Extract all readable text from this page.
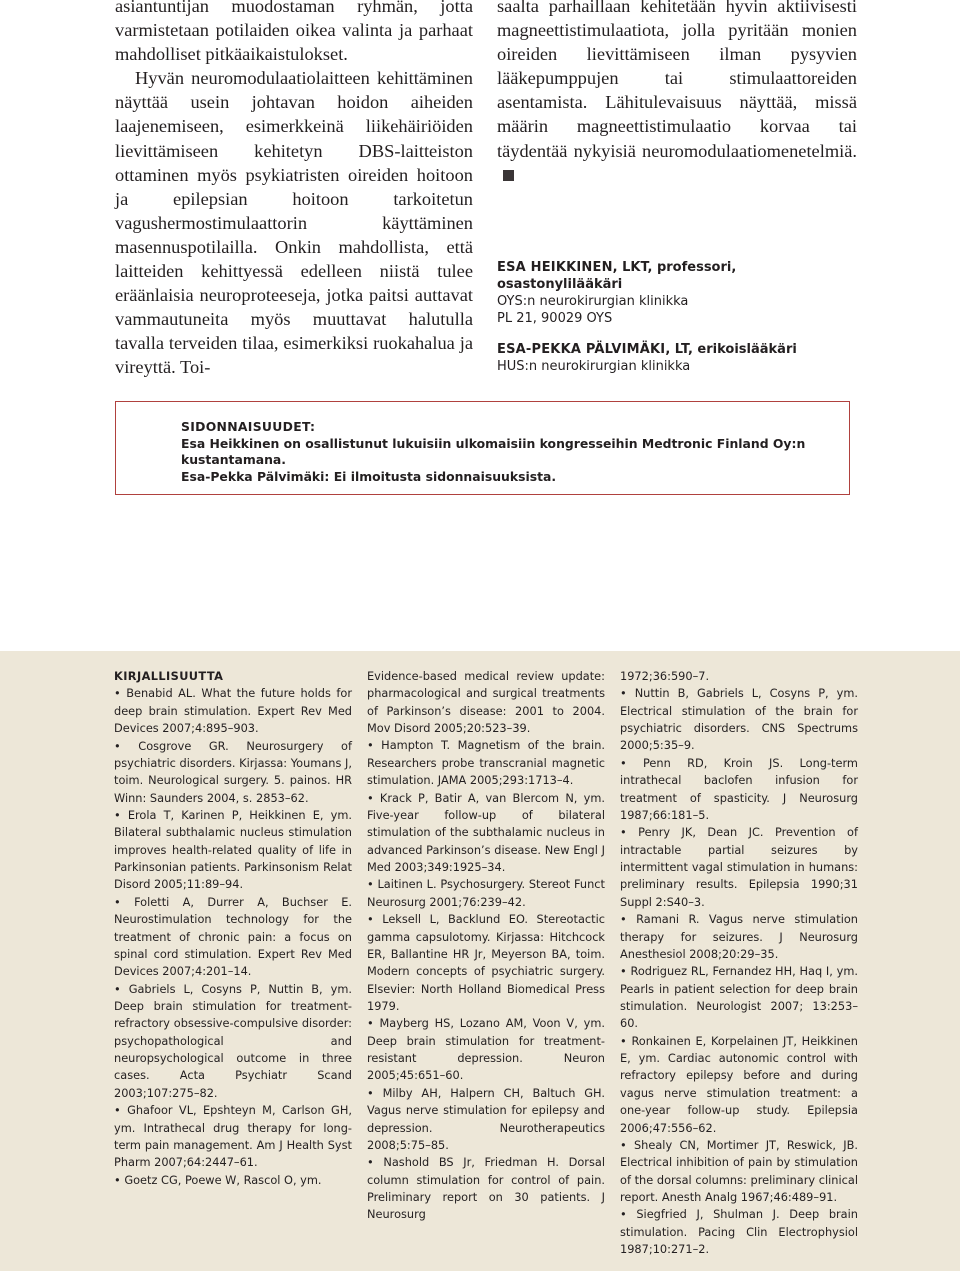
asiantuntijan muodostaman ryhmän, jotta varmistetaan potilaiden oikea valinta ja parhaat mahdolliset pitkäaikaistulokset.

Hyvän neuromodulaatiolaitteen kehittäminen näyttää usein johtavan hoidon aiheiden laajenemiseen, esimerkkeinä liikehäiriöiden lievittämiseen kehitetyn DBS-laitteiston ottaminen myös psykiatristen oireiden hoitoon ja epilepsian hoitoon tarkoitetun vagushermostimulaattorin käyttäminen masennuspotilailla. Onkin mahdollista, että laitteiden kehittyessä edelleen niistä tulee eräänlaisia neuroproteeseja, jotka paitsi auttavat vammautuneita myös muuttavat halutulla tavalla terveiden tilaa, esimerkiksi ruokahalua ja vireyttä. Toi-

saalta parhaillaan kehitetään hyvin aktiivisesti magneettistimulaatiota, jolla pyritään monien oireiden lievittämiseen ilman pysyvien lääkepumppujen tai stimulaattoreiden asentamista. Lähitulevaisuus näyttää, missä määrin magneettistimulaatio korvaa tai täydentää nykyisiä neuromodulaatiomenetelmiä.

ESA HEIKKINEN, LKT, professori, osastonylilääkäri
OYS:n neurokirurgian klinikka
PL 21, 90029 OYS
ESA-PEKKA PÄLVIMÄKI, LT, erikoislääkäri
HUS:n neurokirurgian klinikka
SIDONNAISUUDET:
Esa Heikkinen on osallistunut lukuisiin ulkomaisiin kongresseihin Medtronic Finland Oy:n kustantamana.
Esa-Pekka Pälvimäki: Ei ilmoitusta sidonnaisuuksista.

KIRJALLISUUTTA

• Benabid AL. What the future holds for deep brain stimulation. Expert Rev Med Devices 2007;4:895–903.

• Cosgrove GR. Neurosurgery of psychiatric disorders. Kirjassa: Youmans J, toim. Neurological surgery. 5. painos. HR Winn: Saunders 2004, s. 2853–62.

• Erola T, Karinen P, Heikkinen E, ym. Bilateral subthalamic nucleus stimulation improves health-related quality of life in Parkinsonian patients. Parkinsonism Relat Disord 2005;11:89–94.

• Foletti A, Durrer A, Buchser E. Neurostimulation technology for the treatment of chronic pain: a focus on spinal cord stimulation. Expert Rev Med Devices 2007;4:201–14.

• Gabriels L, Cosyns P, Nuttin B, ym. Deep brain stimulation for treatment-refractory obsessive-compulsive disorder: psychopathological and neuropsychological outcome in three cases. Acta Psychiatr Scand 2003;107:275–82.

• Ghafoor VL, Epshteyn M, Carlson GH, ym. Intrathecal drug therapy for long-term pain management. Am J Health Syst Pharm 2007;64:2447–61.

• Goetz CG, Poewe W, Rascol O, ym.

Evidence-based medical review update: pharmacological and surgical treatments of Parkinson’s disease: 2001 to 2004. Mov Disord 2005;20:523–39.

• Hampton T. Magnetism of the brain. Researchers probe transcranial magnetic stimulation. JAMA 2005;293:1713–4.

• Krack P, Batir A, van Blercom N, ym. Five-year follow-up of bilateral stimulation of the subthalamic nucleus in advanced Parkinson’s disease. New Engl J Med 2003;349:1925–34.

• Laitinen L. Psychosurgery. Stereot Funct Neurosurg 2001;76:239–42.

• Leksell L, Backlund EO. Stereotactic gamma capsulotomy. Kirjassa: Hitchcock ER, Ballantine HR Jr, Meyerson BA, toim. Modern concepts of psychiatric surgery. Elsevier: North Holland Biomedical Press 1979.

• Mayberg HS, Lozano AM, Voon V, ym. Deep brain stimulation for treatment-resistant depression. Neuron 2005;45:651–60.

• Milby AH, Halpern CH, Baltuch GH. Vagus nerve stimulation for epilepsy and depression. Neurotherapeutics 2008;5:75–85.

• Nashold BS Jr, Friedman H. Dorsal column stimulation for control of pain. Preliminary report on 30 patients. J Neurosurg

1972;36:590–7.

• Nuttin B, Gabriels L, Cosyns P, ym. Electrical stimulation of the brain for psychiatric disorders. CNS Spectrums 2000;5:35–9.

• Penn RD, Kroin JS. Long-term intrathecal baclofen infusion for treatment of spasticity. J Neurosurg 1987;66:181–5.

• Penry JK, Dean JC. Prevention of intractable partial seizures by intermittent vagal stimulation in humans: preliminary results. Epilepsia 1990;31 Suppl 2:S40–3.

• Ramani R. Vagus nerve stimulation therapy for seizures. J Neurosurg Anesthesiol 2008;20:29–35.

• Rodriguez RL, Fernandez HH, Haq I, ym. Pearls in patient selection for deep brain stimulation. Neurologist 2007; 13:253–60.

• Ronkainen E, Korpelainen JT, Heikkinen E, ym. Cardiac autonomic control with refractory epilepsy before and during vagus nerve stimulation treatment: a one-year follow-up study. Epilepsia 2006;47:556–62.

• Shealy CN, Mortimer JT, Reswick, JB. Electrical inhibition of pain by stimulation of the dorsal columns: preliminary clinical report. Anesth Analg 1967;46:489–91.

• Siegfried J, Shulman J. Deep brain stimulation. Pacing Clin Electrophysiol 1987;10:271–2.
